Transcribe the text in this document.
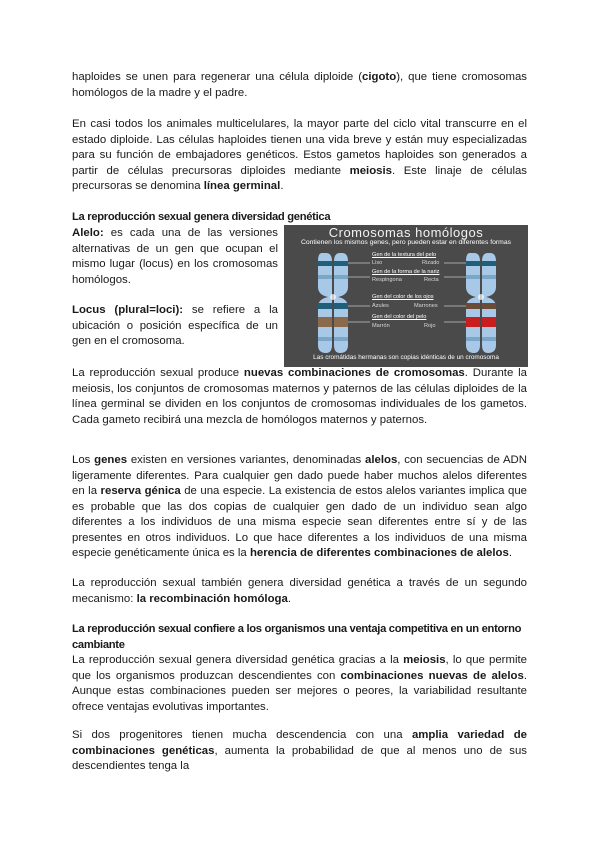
haploides se unen para regenerar una célula diploide (cigoto), que tiene cromosomas homólogos de la madre y el padre.

En casi todos los animales multicelulares, la mayor parte del ciclo vital transcurre en el estado diploide. Las células haploides tienen una vida breve y están muy especializadas para su función de embajadores genéticos. Estos gametos haploides son generados a partir de células precursoras diploides mediante meiosis. Este linaje de células precursoras se denomina línea germinal.

La reproducción sexual genera diversidad genética

Alelo: es cada una de las versiones alternativas de un gen que ocupan el mismo lugar (locus) en los cromosomas homólogos.

Locus (plural=loci): se refiere a la ubicación o posición específica de un gen en el cromosoma.

Cromosomas homólogos
Contienen los mismos genes, pero pueden estar en diferentes formas
Gen de la textura del pelo
Liso	Rizado
Gen de la forma de la nariz
Respingona	Recta
Gen del color de los ojos
Azules	Marrones
Gen del color del pelo
Marrón	Rojo
Las cromátidas hermanas son copias idénticas de un cromosoma

La reproducción sexual produce nuevas combinaciones de cromosomas. Durante la meiosis, los conjuntos de cromosomas maternos y paternos de las células diploides de la línea germinal se dividen en los conjuntos de cromosomas individuales de los gametos. Cada gameto recibirá una mezcla de homólogos maternos y paternos.

Los genes existen en versiones variantes, denominadas alelos, con secuencias de ADN ligeramente diferentes. Para cualquier gen dado puede haber muchos alelos diferentes en la reserva génica de una especie. La existencia de estos alelos variantes implica que es probable que las dos copias de cualquier gen dado de un individuo sean algo diferentes a los individuos de una misma especie sean diferentes entre sí y de las presentes en otros individuos. Lo que hace diferentes a los individuos de una misma especie genéticamente única es la herencia de diferentes combinaciones de alelos.

La reproducción sexual también genera diversidad genética a través de un segundo mecanismo: la recombinación homóloga.

La reproducción sexual confiere a los organismos una ventaja competitiva en un entorno cambiante

La reproducción sexual genera diversidad genética gracias a la meiosis, lo que permite que los organismos produzcan descendientes con combinaciones nuevas de alelos. Aunque estas combinaciones pueden ser mejores o peores, la variabilidad resultante ofrece ventajas evolutivas importantes.

Si dos progenitores tienen mucha descendencia con una amplia variedad de combinaciones genéticas, aumenta la probabilidad de que al menos uno de sus descendientes tenga la
